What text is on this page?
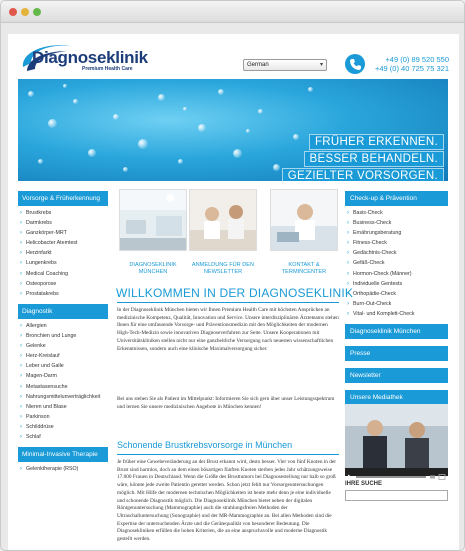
Diagnoseklinik
Premium Health Care
German	▾
+49 (0) 89 520 550
+49 (0) 40 725 75 321
FRÜHER ERKENNEN.
BESSER BEHANDELN.
GEZIELTER VORSORGEN.
Vorsorge & Früherkennung
› Brustkrebs
› Darmkrebs
› Ganzkörper-MRT
› Helicobacter Atemtest
› Herzinfarkt
› Lungenkrebs
› Medical Coaching
› Osteoporose
› Prostatakrebs
Diagnostik
› Allergien
› Bronchien und Lunge
› Gelenke
› Herz-Kreislauf
› Leber und Galle
› Magen-Darm
› Metastasensuche
› Nahrungsmittelunverträglichkeit
› Nieren und Blase
› Parkinson
› Schilddrüse
› Schlaf
Minimal-Invasive Therapie
› Gelenktherapie (RSO)
DIAGNOSEKLINIK
MÜNCHEN
ANMELDUNG FÜR DEN
NEWSLETTER
KONTAKT &
TERMINCENTER
WILLKOMMEN IN DER DIAGNOSEKLINIK
In der Diagnoseklinik München bieten wir Ihnen Premium Health Care mit höchsten Ansprüchen an medizinische Kompetenz, Qualität, Innovation und Service. Unsere interdisziplinären Ärzteteams stehen Ihnen für eine umfassende Vorsorge- und Präventionsmedizin mit den Möglichkeiten der modernen High-Tech-Medizin sowie innovativen Diagnoseverfahren zur Seite. Unsere Kooperationen mit Universitätskliniken stellen nicht nur eine ganzheitliche Versorgung nach neuesten wissenschaftlichen Erkenntnissen, sondern auch eine klinische Maximalversorgung sicher.
Bei uns stehen Sie als Patient im Mittelpunkt: Informieren Sie sich gern über unser Leistungsspektrum und lernen Sie unsere medizinischen Angebote in München kennen!
Schonende Brustkrebsvorsorge in München
Je früher eine Gewebeveränderung an der Brust erkannt wird, desto besser. Vier von fünf Knoten in der Brust sind harmlos, doch an dem einen bösartigen fünften Knoten sterben jedes Jahr schätzungsweise 17.000 Frauen in Deutschland. Wenn die Größe des Brusttumors bei Diagnosestellung nur halb so groß wäre, könnte jede zweite Patientin gerettet werden. Schon jetzt fehlt nur Vorsorgeuntersuchungen möglich. Mit Hilfe der modernen technischen Möglichkeiten ist heute mehr denn je eine individuelle und schonende Diagnostik möglich. Die Diagnoseklinik München bietet neben der digitalen Röntgenuntersuchung (Mammographie) auch die strahlungsfreien Methoden der Ultraschalluntersuchung (Sonographie) und der MR-Mammographie an. Bei allen Methoden sind die Expertise der untersuchenden Ärzte und die Gerätequalität von besonderer Bedeutung. Die Diagnosekliniken erfüllen die hohen Kriterien, die an eine anspruchsvolle und moderne Diagnostik gestellt werden.
Check-up & Prävention
› Basis-Check
› Business-Check
› Ernährungsberatung
› Fitness-Check
› Gedächtnis-Check
› Gefäß-Check
› Hormon-Check (Männer)
› Individuelle Gentests
› Orthopädie-Check
› Burn-Out-Check
› Vital- und Komplett-Check
Diagnoseklinik München
Presse
Newsletter
Unsere Mediathek
IHRE SUCHE
